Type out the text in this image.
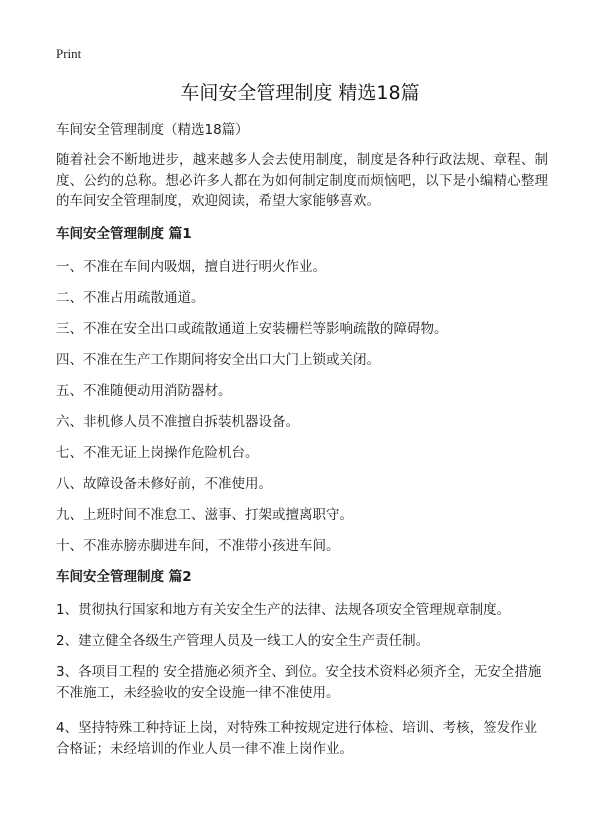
Print
车间安全管理制度 精选18篇

车间安全管理制度（精选18篇）

随着社会不断地进步，越来越多人会去使用制度，制度是各种行政法规、章程、制度、公约的总称。想必许多人都在为如何制定制度而烦恼吧，以下是小编精心整理的车间安全管理制度，欢迎阅读，希望大家能够喜欢。

车间安全管理制度 篇1

一、不准在车间内吸烟，擅自进行明火作业。

二、不准占用疏散通道。

三、不准在安全出口或疏散通道上安装栅栏等影响疏散的障碍物。

四、不准在生产工作期间将安全出口大门上锁或关闭。

五、不准随便动用消防器材。

六、非机修人员不准擅自拆装机器设备。

七、不准无证上岗操作危险机台。

八、故障设备未修好前，不准使用。

九、上班时间不准怠工、滋事、打架或擅离职守。

十、不准赤膀赤脚进车间，不准带小孩进车间。

车间安全管理制度 篇2

1、贯彻执行国家和地方有关安全生产的法律、法规各项安全管理规章制度。

2、建立健全各级生产管理人员及一线工人的安全生产责任制。

3、各项目工程的 安全措施必须齐全、到位。安全技术资料必须齐全，无安全措施不准施工，未经验收的安全设施一律不准使用。

4、坚持特殊工种持证上岗，对特殊工种按规定进行体检、培训、考核，签发作业合格证；未经培训的作业人员一律不准上岗作业。
